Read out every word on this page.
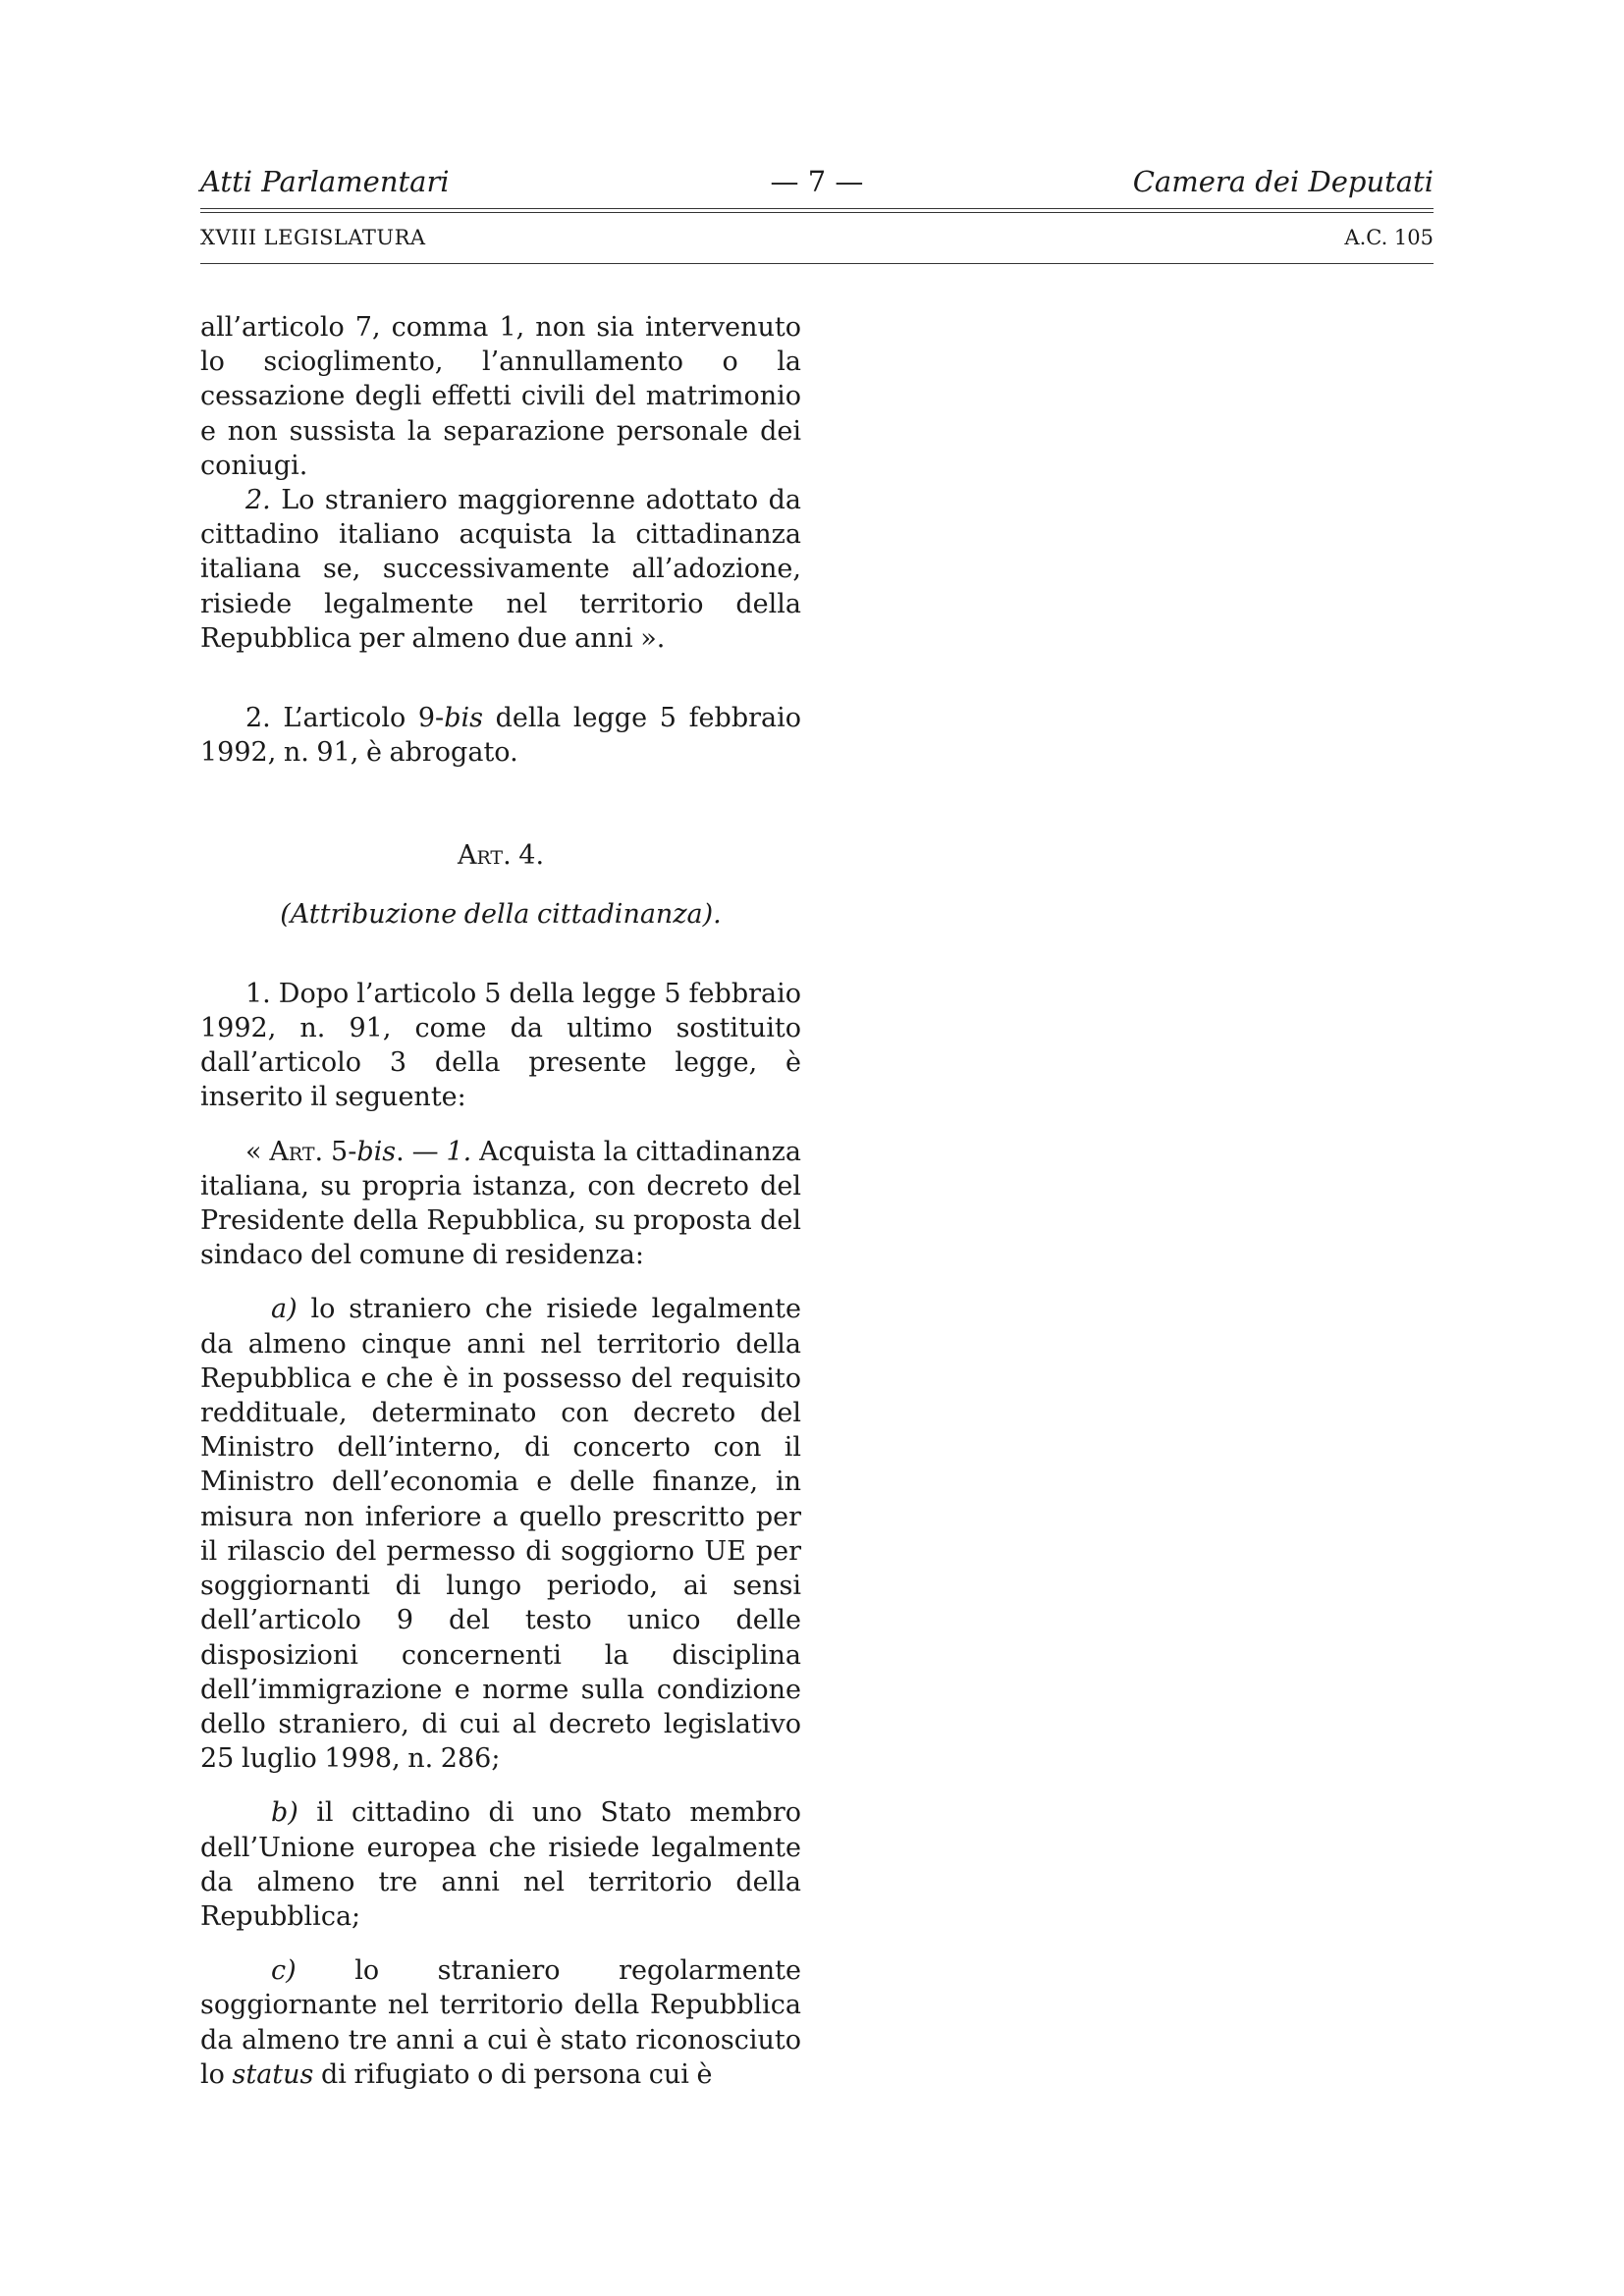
Atti Parlamentari	— 7 —	Camera dei Deputati
XVIII LEGISLATURA	A.C. 105

all’articolo 7, comma 1, non sia intervenuto lo scioglimento, l’annullamento o la cessazione degli effetti civili del matrimonio e non sussista la separazione personale dei coniugi.

2. Lo straniero maggiorenne adottato da cittadino italiano acquista la cittadinanza italiana se, successivamente all’adozione, risiede legalmente nel territorio della Repubblica per almeno due anni ».

2. L’articolo 9-bis della legge 5 febbraio 1992, n. 91, è abrogato.

Art. 4.

(Attribuzione della cittadinanza).

1. Dopo l’articolo 5 della legge 5 febbraio 1992, n. 91, come da ultimo sostituito dall’articolo 3 della presente legge, è inserito il seguente:

« Art. 5-bis. — 1. Acquista la cittadinanza italiana, su propria istanza, con decreto del Presidente della Repubblica, su proposta del sindaco del comune di residenza:

a) lo straniero che risiede legalmente da almeno cinque anni nel territorio della Repubblica e che è in possesso del requisito reddituale, determinato con decreto del Ministro dell’interno, di concerto con il Ministro dell’economia e delle finanze, in misura non inferiore a quello prescritto per il rilascio del permesso di soggiorno UE per soggiornanti di lungo periodo, ai sensi dell’articolo 9 del testo unico delle disposizioni concernenti la disciplina dell’immigrazione e norme sulla condizione dello straniero, di cui al decreto legislativo 25 luglio 1998, n. 286;

b) il cittadino di uno Stato membro dell’Unione europea che risiede legalmente da almeno tre anni nel territorio della Repubblica;

c) lo straniero regolarmente soggiornante nel territorio della Repubblica da almeno tre anni a cui è stato riconosciuto lo status di rifugiato o di persona cui è
